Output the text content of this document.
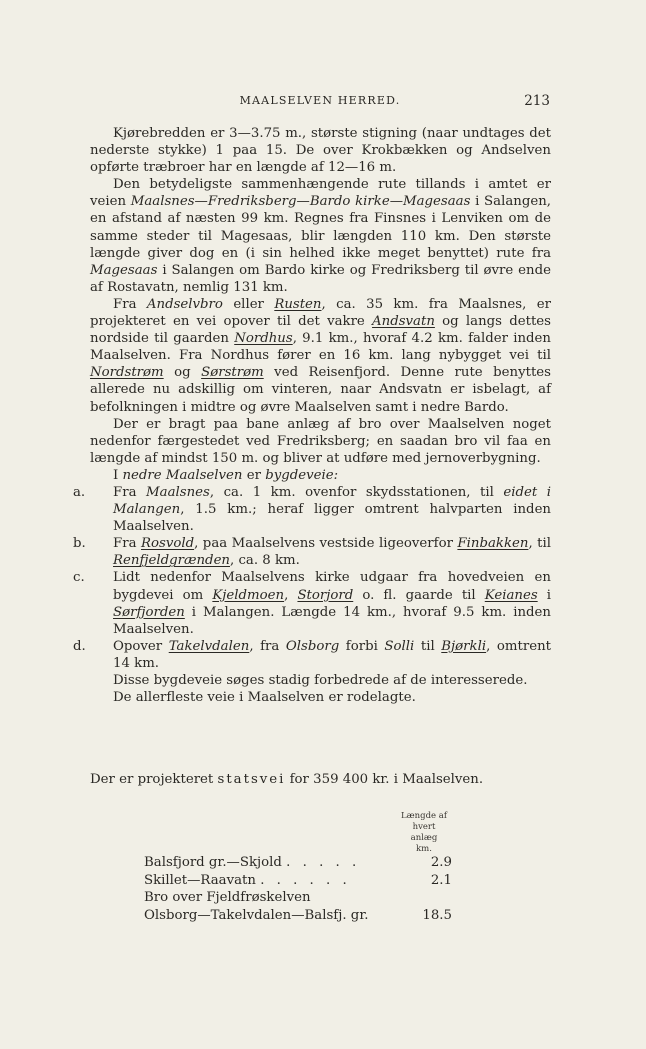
MAALSELVEN HERRED.	213

Kjørebredden er 3—3.75 m., største stigning (naar undtages det nederste stykke) 1 paa 15. De over Krokbækken og Andselven opførte træbroer har en længde af 12—16 m.

Den betydeligste sammenhængende rute tillands i amtet er veien Maalsnes—Fredriksberg—Bardo kirke—Magesaas i Salangen, en afstand af næsten 99 km. Regnes fra Finsnes i Lenviken om de samme steder til Magesaas, blir længden 110 km. Den største længde giver dog en (i sin helhed ikke meget benyttet) rute fra Magesaas i Salangen om Bardo kirke og Fredriksberg til øvre ende af Rostavatn, nemlig 131 km.

Fra Andselvbro eller Rusten, ca. 35 km. fra Maalsnes, er projekteret en vei opover til det vakre Andsvatn og langs dettes nordside til gaarden Nordhus, 9.1 km., hvoraf 4.2 km. falder inden Maalselven. Fra Nordhus fører en 16 km. lang nybygget vei til Nordstrøm og Sørstrøm ved Reisenfjord. Denne rute benyttes allerede nu adskillig om vinteren, naar Andsvatn er isbelagt, af befolkningen i midtre og øvre Maalselven samt i nedre Bardo.

Der er bragt paa bane anlæg af bro over Maalselven noget nedenfor færgestedet ved Fredriksberg; en saadan bro vil faa en længde af mindst 150 m. og bliver at udføre med jernoverbygning.

I nedre Maalselven er bygdeveie:

a. Fra Maalsnes, ca. 1 km. ovenfor skydsstationen, til eidet i Malangen, 1.5 km.; heraf ligger omtrent halvparten inden Maalselven.

b. Fra Rosvold, paa Maalselvens vestside ligeoverfor Finbakken, til Renfjeldgrænden, ca. 8 km.

c. Lidt nedenfor Maalselvens kirke udgaar fra hovedveien en bygdevei om Kjeldmoen, Storjord o. fl. gaarde til Keianes i Sørfjorden i Malangen. Længde 14 km., hvoraf 9.5 km. inden Maalselven.

d. Opover Takelvdalen, fra Olsborg forbi Solli til Bjørkli, omtrent 14 km.

Disse bygdeveie søges stadig forbedrede af de interesserede.

De allerfleste veie i Maalselven er rodelagte.

Der er projekteret statsvei for 359 400 kr. i Maalselven.
Længde af
hvert anlæg
km.
Balsfjord gr.—Skjold . . . . .	2.9
Skillet—Raavatn . . . . . .	2.1
Bro over Fjeldfrøskelven
Olsborg—Takelvdalen—Balsfj. gr.	18.5
